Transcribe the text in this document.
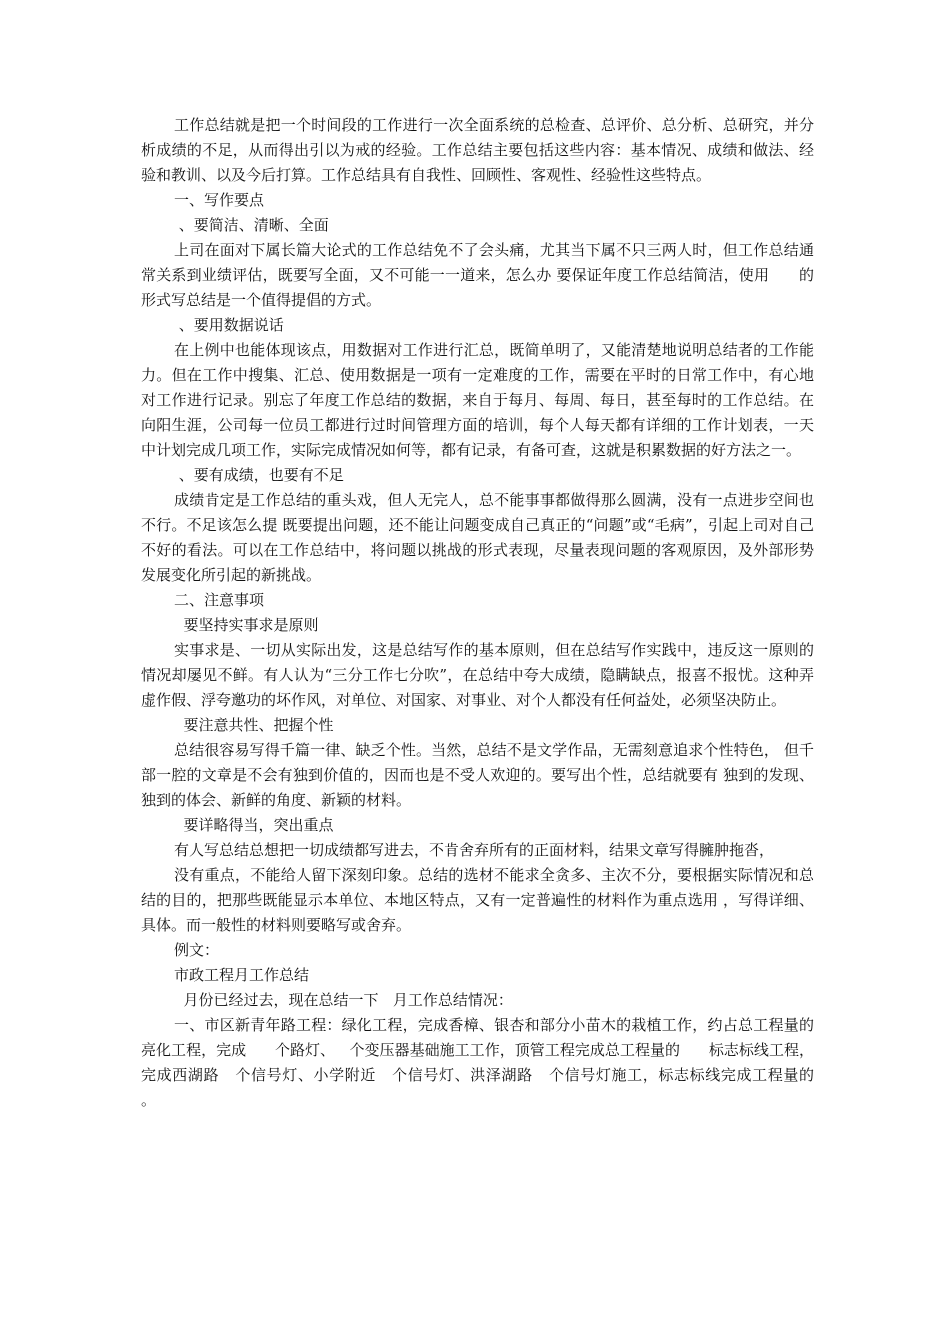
工作总结就是把一个时间段的工作进行一次全面系统的总检查、总评价、总分析、总研究，并分析成绩的不足，从而得出引以为戒的经验。工作总结主要包括这些内容：基本情况、成绩和做法、经验和教训、以及今后打算。工作总结具有自我性、回顾性、客观性、经验性这些特点。

一、写作要点

、要简洁、清晰、全面

上司在面对下属长篇大论式的工作总结免不了会头痛，尤其当下属不只三两人时，但工作总结通常关系到业绩评估，既要写全面，又不可能一一道来，怎么办 要保证年度工作总结简洁，使用      的形式写总结是一个值得提倡的方式。

、要用数据说话

在上例中也能体现该点，用数据对工作进行汇总，既简单明了，又能清楚地说明总结者的工作能力。但在工作中搜集、汇总、使用数据是一项有一定难度的工作，需要在平时的日常工作中，有心地对工作进行记录。别忘了年度工作总结的数据，来自于每月、每周、每日，甚至每时的工作总结。在向阳生涯，公司每一位员工都进行过时间管理方面的培训，每个人每天都有详细的工作计划表，一天中计划完成几项工作，实际完成情况如何等，都有记录，有备可查，这就是积累数据的好方法之一。

、要有成绩，也要有不足

成绩肯定是工作总结的重头戏，但人无完人，总不能事事都做得那么圆满，没有一点进步空间也不行。不足该怎么提 既要提出问题，还不能让问题变成自己真正的“问题”或“毛病”，引起上司对自己不好的看法。可以在工作总结中，将问题以挑战的形式表现，尽量表现问题的客观原因，及外部形势发展变化所引起的新挑战。

二、注意事项

要坚持实事求是原则

实事求是、一切从实际出发，这是总结写作的基本原则，但在总结写作实践中，违反这一原则的情况却屡见不鲜。有人认为“三分工作七分吹”，在总结中夸大成绩，隐瞒缺点，报喜不报忧。这种弄虚作假、浮夸邀功的坏作风，对单位、对国家、对事业、对个人都没有任何益处，必须坚决防止。

要注意共性、把握个性

总结很容易写得千篇一律、缺乏个性。当然，总结不是文学作品，无需刻意追求个性特色， 但千部一腔的文章是不会有独到价值的，因而也是不受人欢迎的。要写出个性，总结就要有 独到的发现、独到的体会、新鲜的角度、新颖的材料。

要详略得当，突出重点

有人写总结总想把一切成绩都写进去，不肯舍弃所有的正面材料，结果文章写得臃肿拖沓，

没有重点，不能给人留下深刻印象。总结的选材不能求全贪多、主次不分，要根据实际情况和总结的目的，把那些既能显示本单位、本地区特点，又有一定普遍性的材料作为重点选用 ，写得详细、具体。而一般性的材料则要略写或舍弃。

例文：

市政工程月工作总结

月份已经过去，现在总结一下   月工作总结情况：

一、市区新青年路工程：绿化工程，完成香樟、银杏和部分小苗木的栽植工作，约占总工程量的      亮化工程，完成      个路灯、   个变压器基础施工工作，顶管工程完成总工程量的      标志标线工程，完成西湖路   个信号灯、小学附近   个信号灯、洪泽湖路   个信号灯施工，标志标线完成工程量的      。
